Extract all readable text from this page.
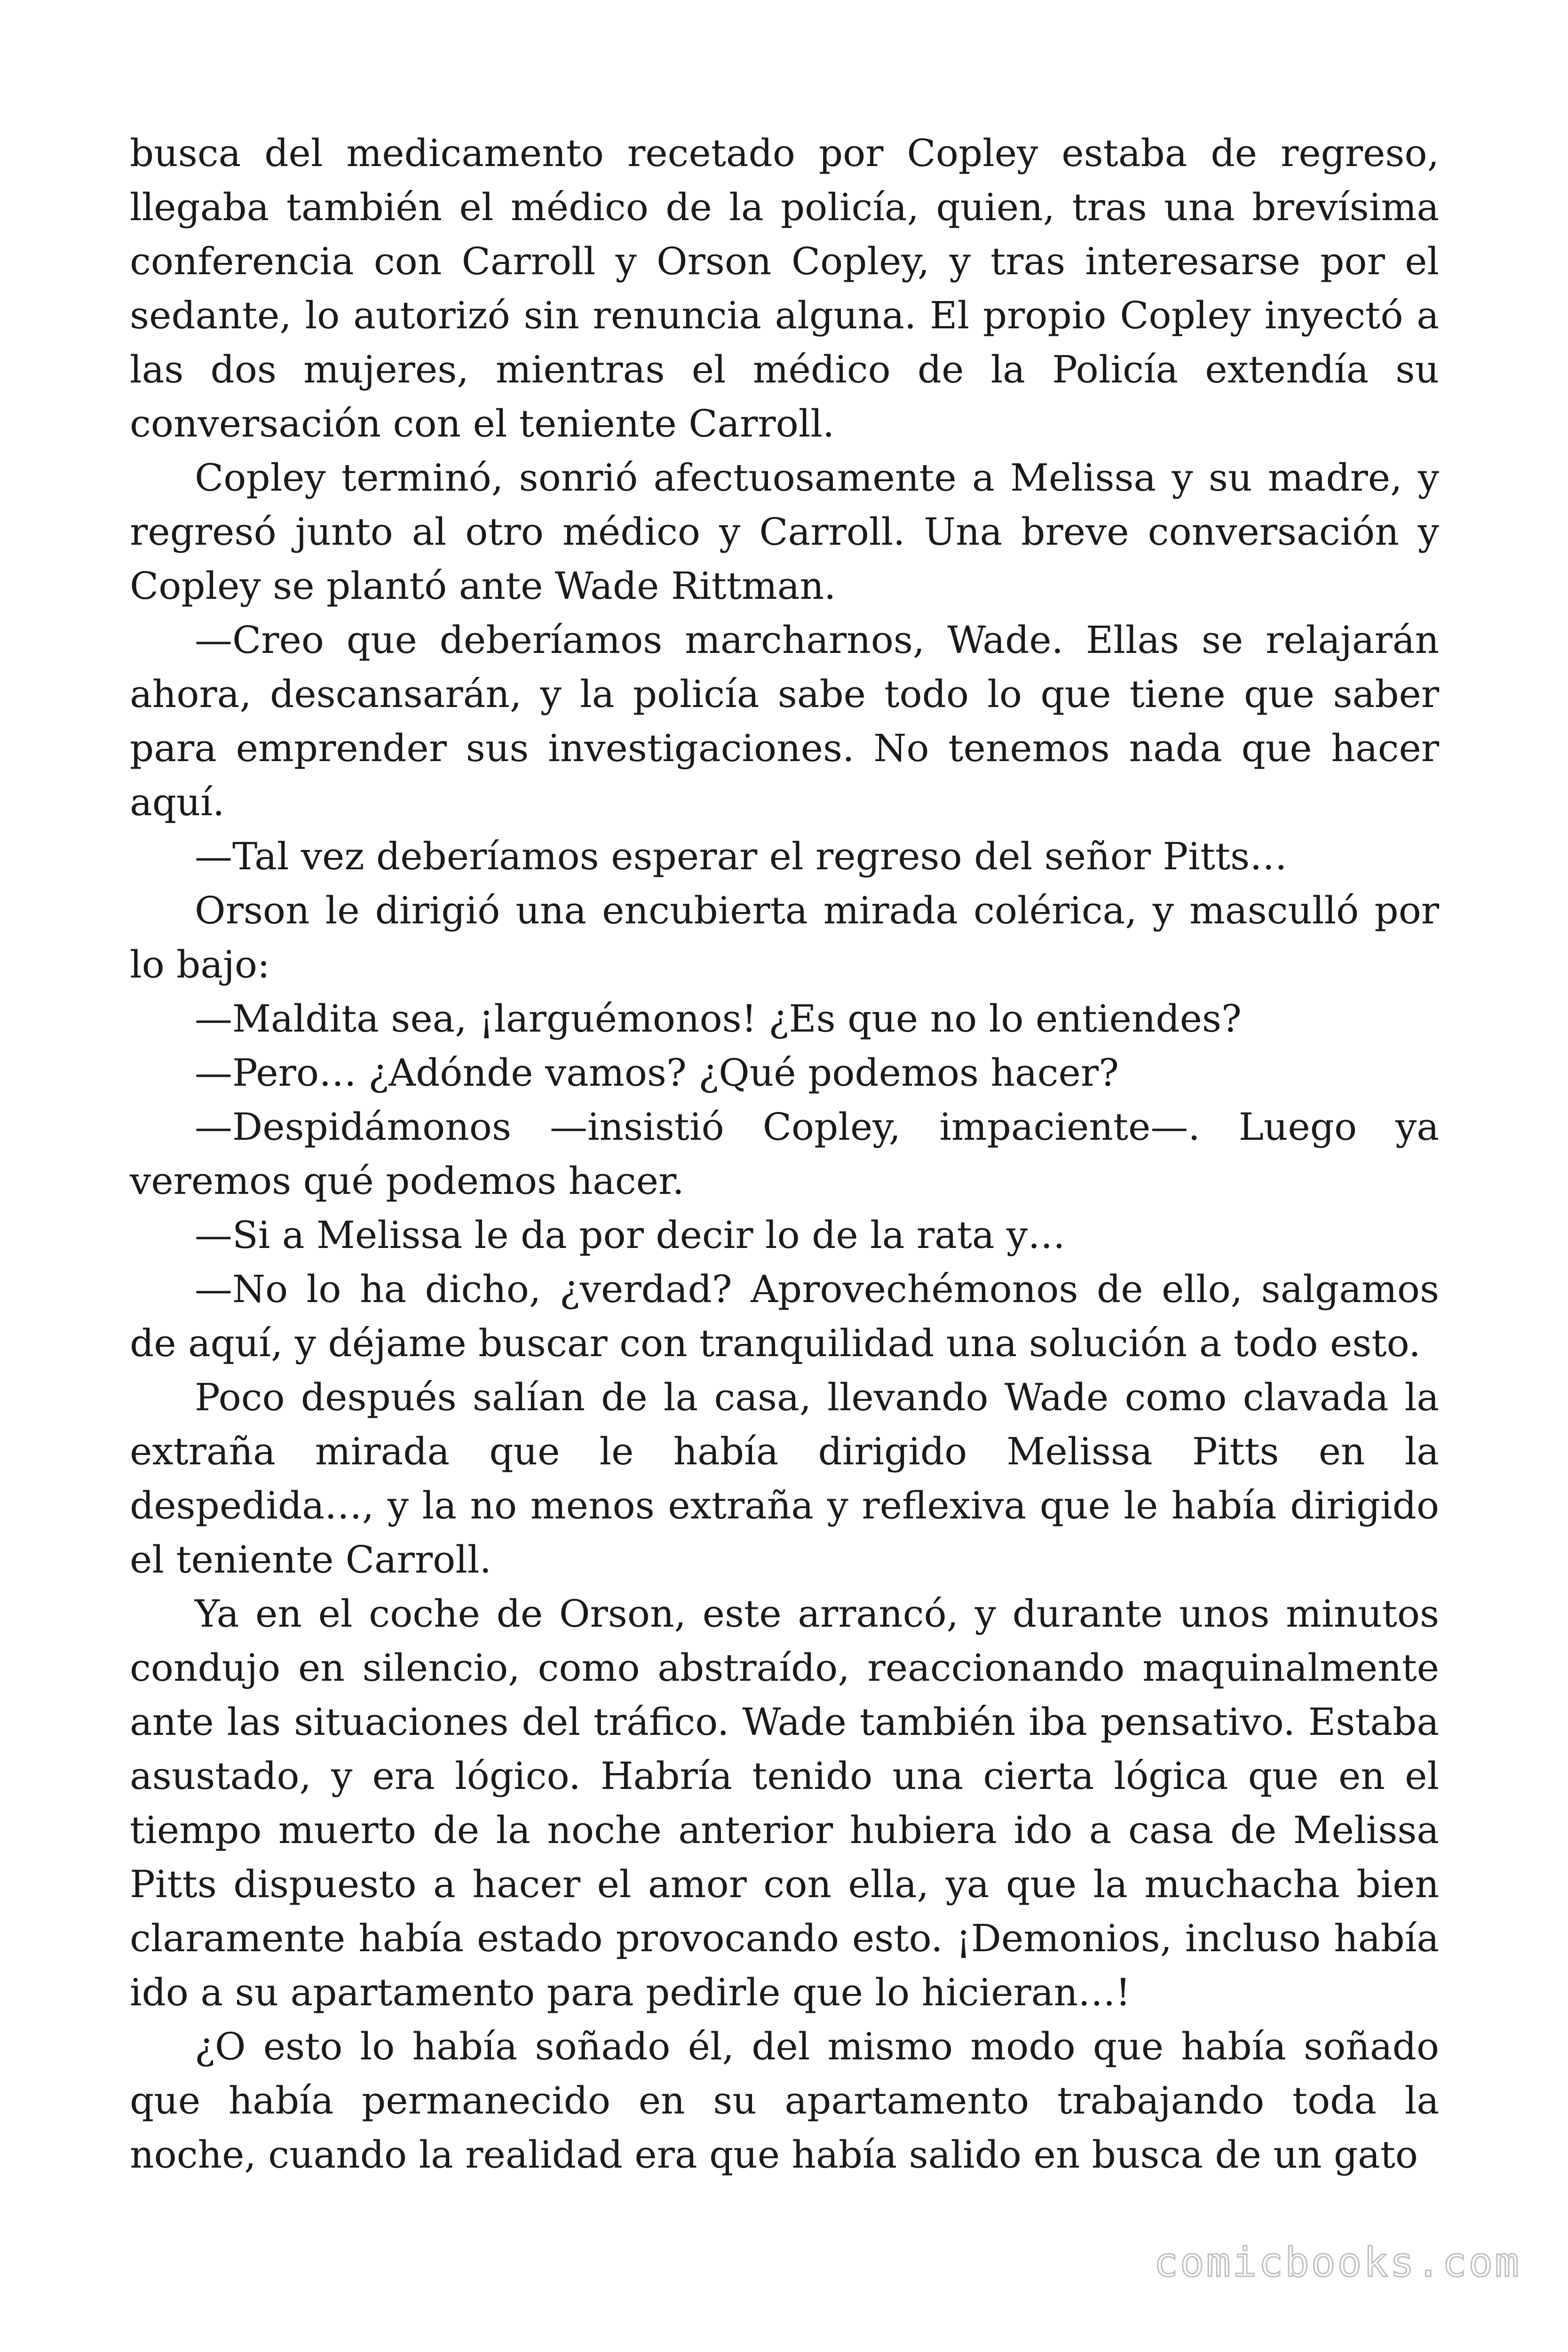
busca del medicamento recetado por Copley estaba de regreso, llegaba también el médico de la policía, quien, tras una brevísima conferencia con Carroll y Orson Copley, y tras interesarse por el sedante, lo autorizó sin renuncia alguna. El propio Copley inyectó a las dos mujeres, mientras el médico de la Policía extendía su conversación con el teniente Carroll.

Copley terminó, sonrió afectuosamente a Melissa y su madre, y regresó junto al otro médico y Carroll. Una breve conversación y Copley se plantó ante Wade Rittman.

—Creo que deberíamos marcharnos, Wade. Ellas se relajarán ahora, descansarán, y la policía sabe todo lo que tiene que saber para emprender sus investigaciones. No tenemos nada que hacer aquí.

—Tal vez deberíamos esperar el regreso del señor Pitts…

Orson le dirigió una encubierta mirada colérica, y masculló por lo bajo:

—Maldita sea, ¡larguémonos! ¿Es que no lo entiendes?

—Pero… ¿Adónde vamos? ¿Qué podemos hacer?

—Despidámonos —insistió Copley, impaciente—. Luego ya veremos qué podemos hacer.

—Si a Melissa le da por decir lo de la rata y…

—No lo ha dicho, ¿verdad? Aprovechémonos de ello, salgamos de aquí, y déjame buscar con tranquilidad una solución a todo esto.

Poco después salían de la casa, llevando Wade como clavada la extraña mirada que le había dirigido Melissa Pitts en la despedida…, y la no menos extraña y reflexiva que le había dirigido el teniente Carroll.

Ya en el coche de Orson, este arrancó, y durante unos minutos condujo en silencio, como abstraído, reaccionando maquinalmente ante las situaciones del tráfico. Wade también iba pensativo. Estaba asustado, y era lógico. Habría tenido una cierta lógica que en el tiempo muerto de la noche anterior hubiera ido a casa de Melissa Pitts dispuesto a hacer el amor con ella, ya que la muchacha bien claramente había estado provocando esto. ¡Demonios, incluso había ido a su apartamento para pedirle que lo hicieran…!

¿O esto lo había soñado él, del mismo modo que había soñado que había permanecido en su apartamento trabajando toda la noche, cuando la realidad era que había salido en busca de un gato

comicbooks.com
